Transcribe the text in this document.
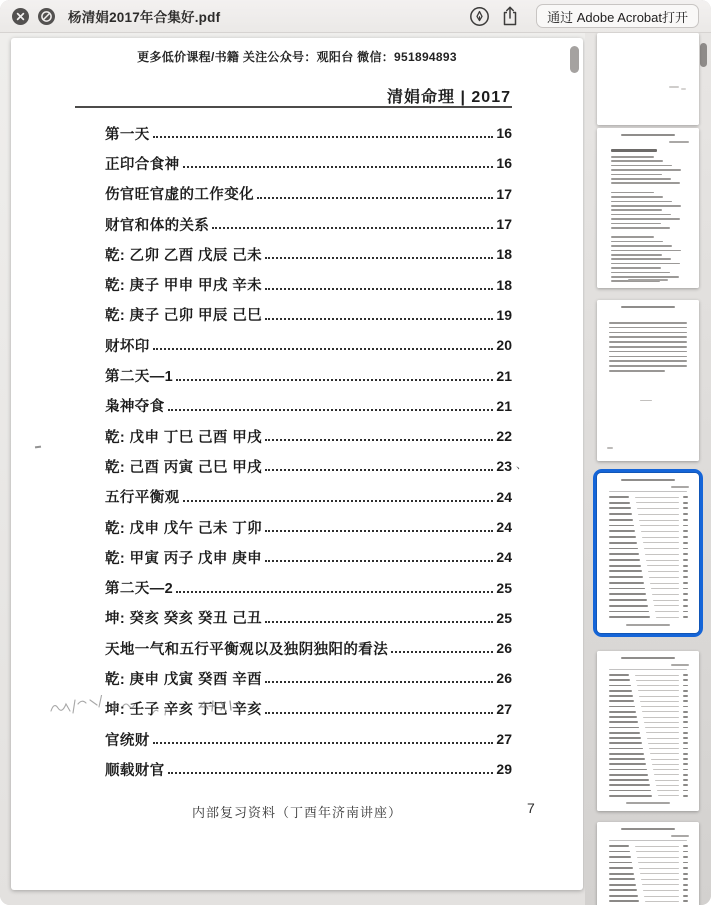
杨清娟2017年合集好.pdf	通过 Adobe Acrobat打开
更多低价课程/书籍 关注公众号：观阳台 微信：951894893
清娟命理 | 2017
第一天	16
正印合食神	16
伤官旺官虚的工作变化	17
财官和体的关系	17
乾: 乙卯 乙酉 戊辰 己未	18
乾: 庚子 甲申 甲戌 辛未	18
乾: 庚子 己卯 甲辰 己巳	19
财坏印	20
第二天—1	21
枭神夺食	21
乾: 戊申 丁巳 己酉 甲戌	22
乾: 己酉 丙寅 己巳 甲戌	23
五行平衡观	24
乾: 戊申 戊午 己未 丁卯	24
乾: 甲寅 丙子 戊申 庚申	24
第二天—2	25
坤: 癸亥 癸亥 癸丑 己丑	25
天地一气和五行平衡观以及独阴独阳的看法	26
乾: 庚申 戊寅 癸酉 辛酉	26
坤: 壬子 辛亥 丁巳 辛亥	27
官统财	27
顺载财官	29
、
内部复习资料（丁酉年济南讲座）	7
